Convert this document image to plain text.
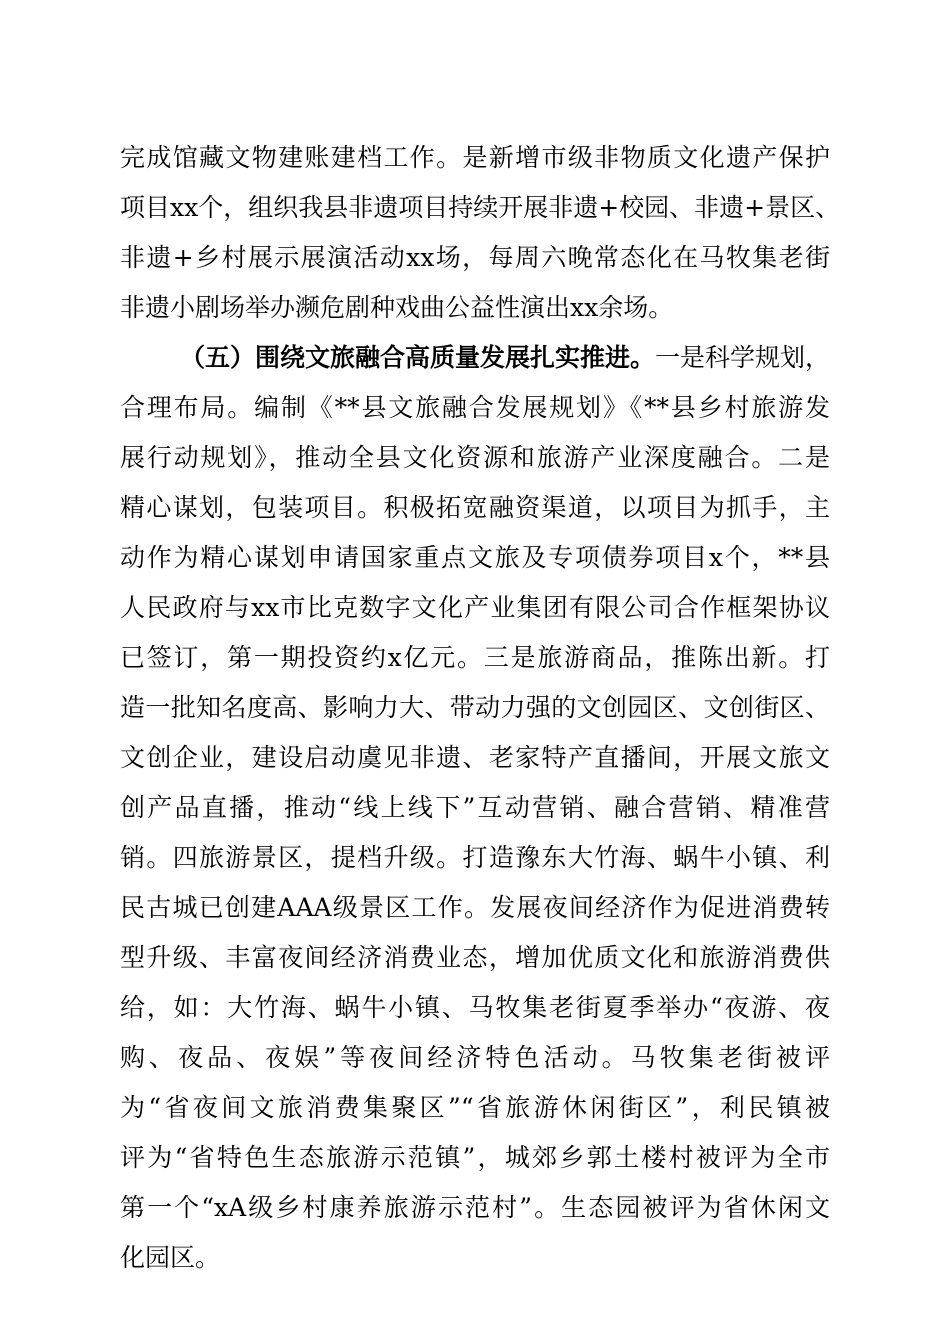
完成馆藏文物建账建档工作。是新增市级非物质文化遗产保护
项目xx个，组织我县非遗项目持续开展非遗+校园、非遗+景区、
非遗+乡村展示展演活动xx场，每周六晚常态化在马牧集老街
非遗小剧场举办濒危剧种戏曲公益性演出xx余场。
（五）围绕文旅融合高质量发展扎实推进。一是科学规划，
合理布局。编制《**县文旅融合发展规划》《**县乡村旅游发
展行动规划》，推动全县文化资源和旅游产业深度融合。二是
精心谋划，包装项目。积极拓宽融资渠道，以项目为抓手，主
动作为精心谋划申请国家重点文旅及专项债券项目x个，**县
人民政府与xx市比克数字文化产业集团有限公司合作框架协议
已签订，第一期投资约x亿元。三是旅游商品，推陈出新。打
造一批知名度高、影响力大、带动力强的文创园区、文创街区、
文创企业，建设启动虞见非遗、老家特产直播间，开展文旅文
创产品直播，推动“线上线下”互动营销、融合营销、精准营
销。四旅游景区，提档升级。打造豫东大竹海、蜗牛小镇、利
民古城已创建AAA级景区工作。发展夜间经济作为促进消费转
型升级、丰富夜间经济消费业态，增加优质文化和旅游消费供
给，如：大竹海、蜗牛小镇、马牧集老街夏季举办“夜游、夜
购、夜品、夜娱”等夜间经济特色活动。马牧集老街被评
为“省夜间文旅消费集聚区”“省旅游休闲街区”，利民镇被
评为“省特色生态旅游示范镇”，城郊乡郭土楼村被评为全市
第一个“xA级乡村康养旅游示范村”。生态园被评为省休闲文
化园区。
